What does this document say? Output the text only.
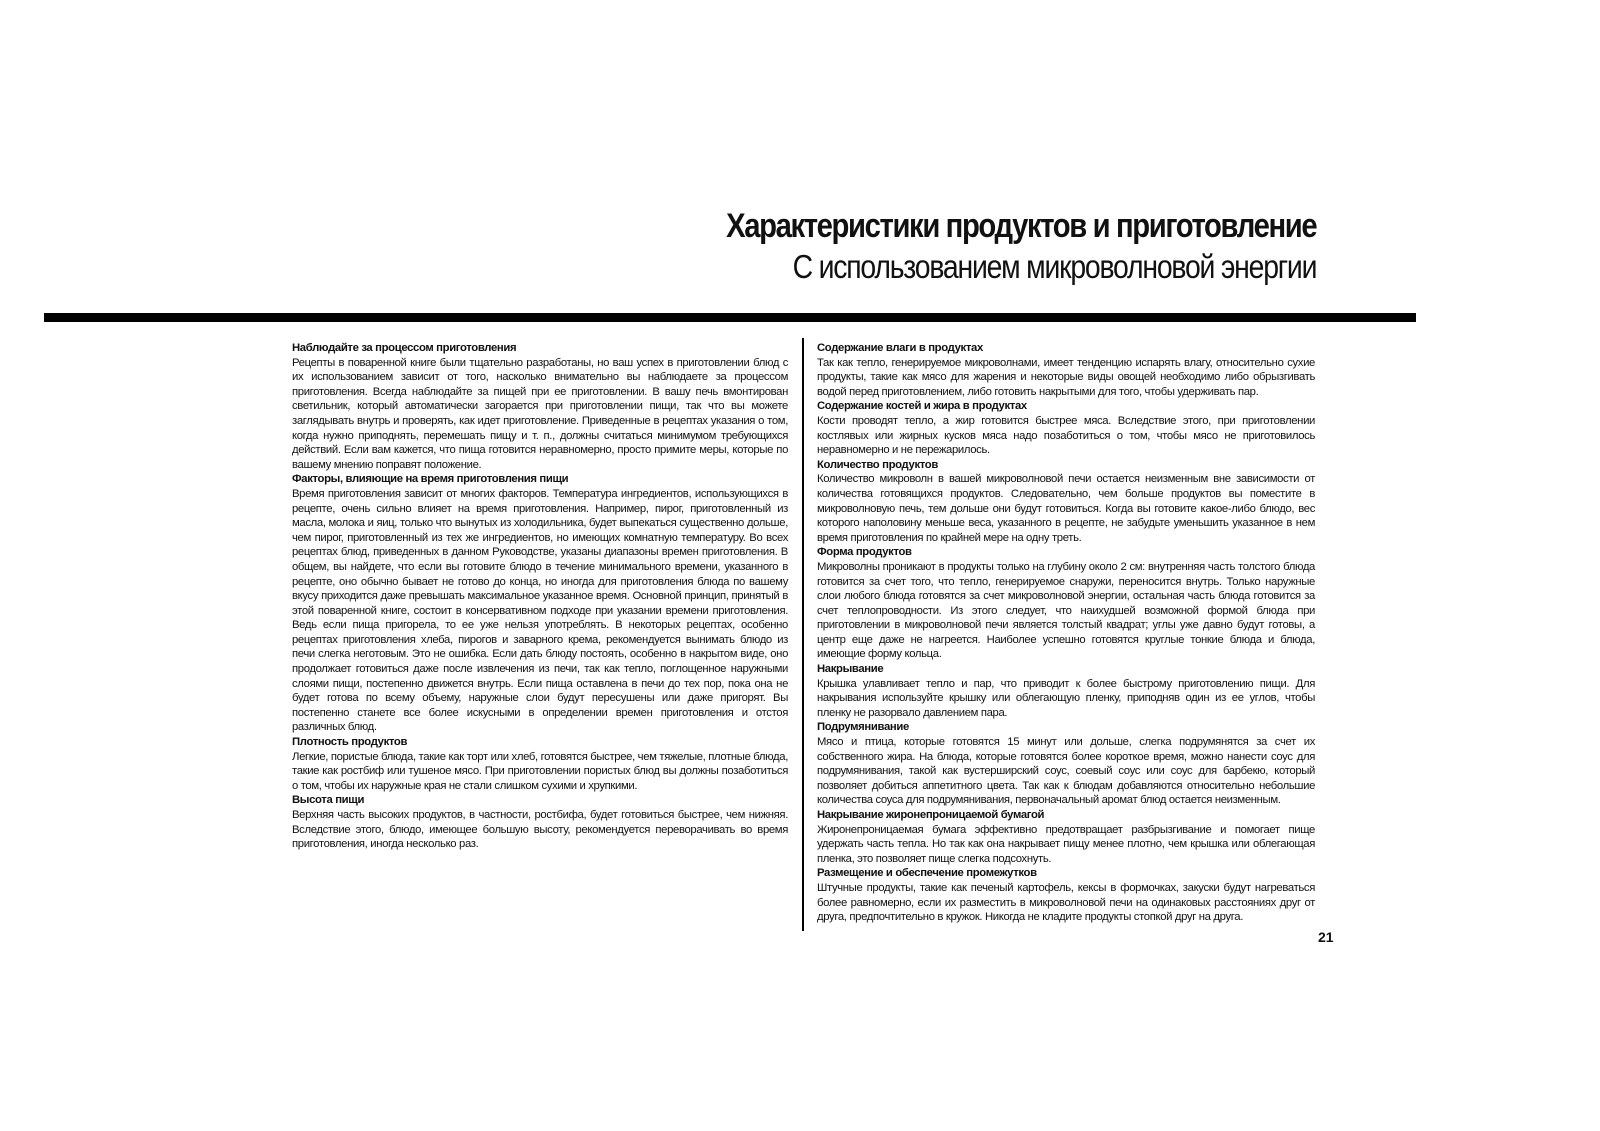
Характеристики продуктов и приготовление
С использованием микроволновой энергии
Наблюдайте за процессом приготовления

Рецепты в поваренной книге были тщательно разработаны, но ваш успех в приготовлении блюд с их использованием зависит от того, насколько внимательно вы наблюдаете за процессом приготовления. Всегда наблюдайте за пищей при ее приготовлении. В вашу печь вмонтирован светильник, который автоматически загорается при приготовлении пищи, так что вы можете заглядывать внутрь и проверять, как идет приготовление. Приведенные в рецептах указания о том, когда нужно приподнять, перемешать пищу и т. п., должны считаться минимумом требующихся действий. Если вам кажется, что пища готовится неравномерно, просто примите меры, которые по вашему мнению поправят положение.

Факторы, влияющие на время приготовления пищи

Время приготовления зависит от многих факторов. Температура ингредиентов, использующихся в рецепте, очень сильно влияет на время приготовления. Например, пирог, приготовленный из масла, молока и яиц, только что вынутых из холодильника, будет выпекаться существенно дольше, чем пирог, приготовленный из тех же ингредиентов, но имеющих комнатную температуру. Во всех рецептах блюд, приведенных в данном Руководстве, указаны диапазоны времен приготовления. В общем, вы найдете, что если вы готовите блюдо в течение минимального времени, указанного в рецепте, оно обычно бывает не готово до конца, но иногда для приготовления блюда по вашему вкусу приходится даже превышать максимальное указанное время. Основной принцип, принятый в этой поваренной книге, состоит в консервативном подходе при указании времени приготовления. Ведь если пища пригорела, то ее уже нельзя употреблять. В некоторых рецептах, особенно рецептах приготовления хлеба, пирогов и заварного крема, рекомендуется вынимать блюдо из печи слегка неготовым. Это не ошибка. Если дать блюду постоять, особенно в накрытом виде, оно продолжает готовиться даже после извлечения из печи, так как тепло, поглощенное наружными слоями пищи, постепенно движется внутрь. Если пища оставлена в печи до тех пор, пока она не будет готова по всему объему, наружные слои будут пересушены или даже пригорят. Вы постепенно станете все более искусными в определении времен приготовления и отстоя различных блюд.

Плотность продуктов

Легкие, пористые блюда, такие как торт или хлеб, готовятся быстрее, чем тяжелые, плотные блюда, такие как ростбиф или тушеное мясо. При приготовлении пористых блюд вы должны позаботиться о том, чтобы их наружные края не стали слишком сухими и хрупкими.

Высота пищи

Верхняя часть высоких продуктов, в частности, ростбифа, будет готовиться быстрее, чем нижняя. Вследствие этого, блюдо, имеющее большую высоту, рекомендуется переворачивать во время приготовления, иногда несколько раз.

Содержание влаги в продуктах

Так как тепло, генерируемое микроволнами, имеет тенденцию испарять влагу, относительно сухие продукты, такие как мясо для жарения и некоторые виды овощей необходимо либо обрызгивать водой перед приготовлением, либо готовить накрытыми для того, чтобы удерживать пар.

Содержание костей и жира в продуктах

Кости проводят тепло, а жир готовится быстрее мяса. Вследствие этого, при приготовлении костлявых или жирных кусков мяса надо позаботиться о том, чтобы мясо не приготовилось неравномерно и не пережарилось.

Количество продуктов

Количество микроволн в вашей микроволновой печи остается неизменным вне зависимости от количества готовящихся продуктов. Следовательно, чем больше продуктов вы поместите в микроволновую печь, тем дольше они будут готовиться. Когда вы готовите какое-либо блюдо, вес которого наполовину меньше веса, указанного в рецепте, не забудьте уменьшить указанное в нем время приготовления по крайней мере на одну треть.

Форма продуктов

Микроволны проникают в продукты только на глубину около 2 см: внутренняя часть толстого блюда готовится за счет того, что тепло, генерируемое снаружи, переносится внутрь. Только наружные слои любого блюда готовятся за счет микроволновой энергии, остальная часть блюда готовится за счет теплопроводности. Из этого следует, что наихудшей возможной формой блюда при приготовлении в микроволновой печи является толстый квадрат; углы уже давно будут готовы, а центр еще даже не нагреется. Наиболее успешно готовятся круглые тонкие блюда и блюда, имеющие форму кольца.

Накрывание

Крышка улавливает тепло и пар, что приводит к более быстрому приготовлению пищи. Для накрывания используйте крышку или облегающую пленку, приподняв один из ее углов, чтобы пленку не разорвало давлением пара.

Подрумянивание

Мясо и птица, которые готовятся 15 минут или дольше, слегка подрумянятся за счет их собственного жира. На блюда, которые готовятся более короткое время, можно нанести соус для подрумянивания, такой как вустерширский соус, соевый соус или соус для барбекю, который позволяет добиться аппетитного цвета. Так как к блюдам добавляются относительно небольшие количества соуса для подрумянивания, первоначальный аромат блюд остается неизменным.

Накрывание жиронепроницаемой бумагой

Жиронепроницаемая бумага эффективно предотвращает разбрызгивание и помогает пище удержать часть тепла. Но так как она накрывает пищу менее плотно, чем крышка или облегающая пленка, это позволяет пище слегка подсохнуть.

Размещение и обеспечение промежутков

Штучные продукты, такие как печеный картофель, кексы в формочках, закуски будут нагреваться более равномерно, если их разместить в микроволновой печи на одинаковых расстояниях друг от друга, предпочтительно в кружок. Никогда не кладите продукты стопкой друг на друга.

21
